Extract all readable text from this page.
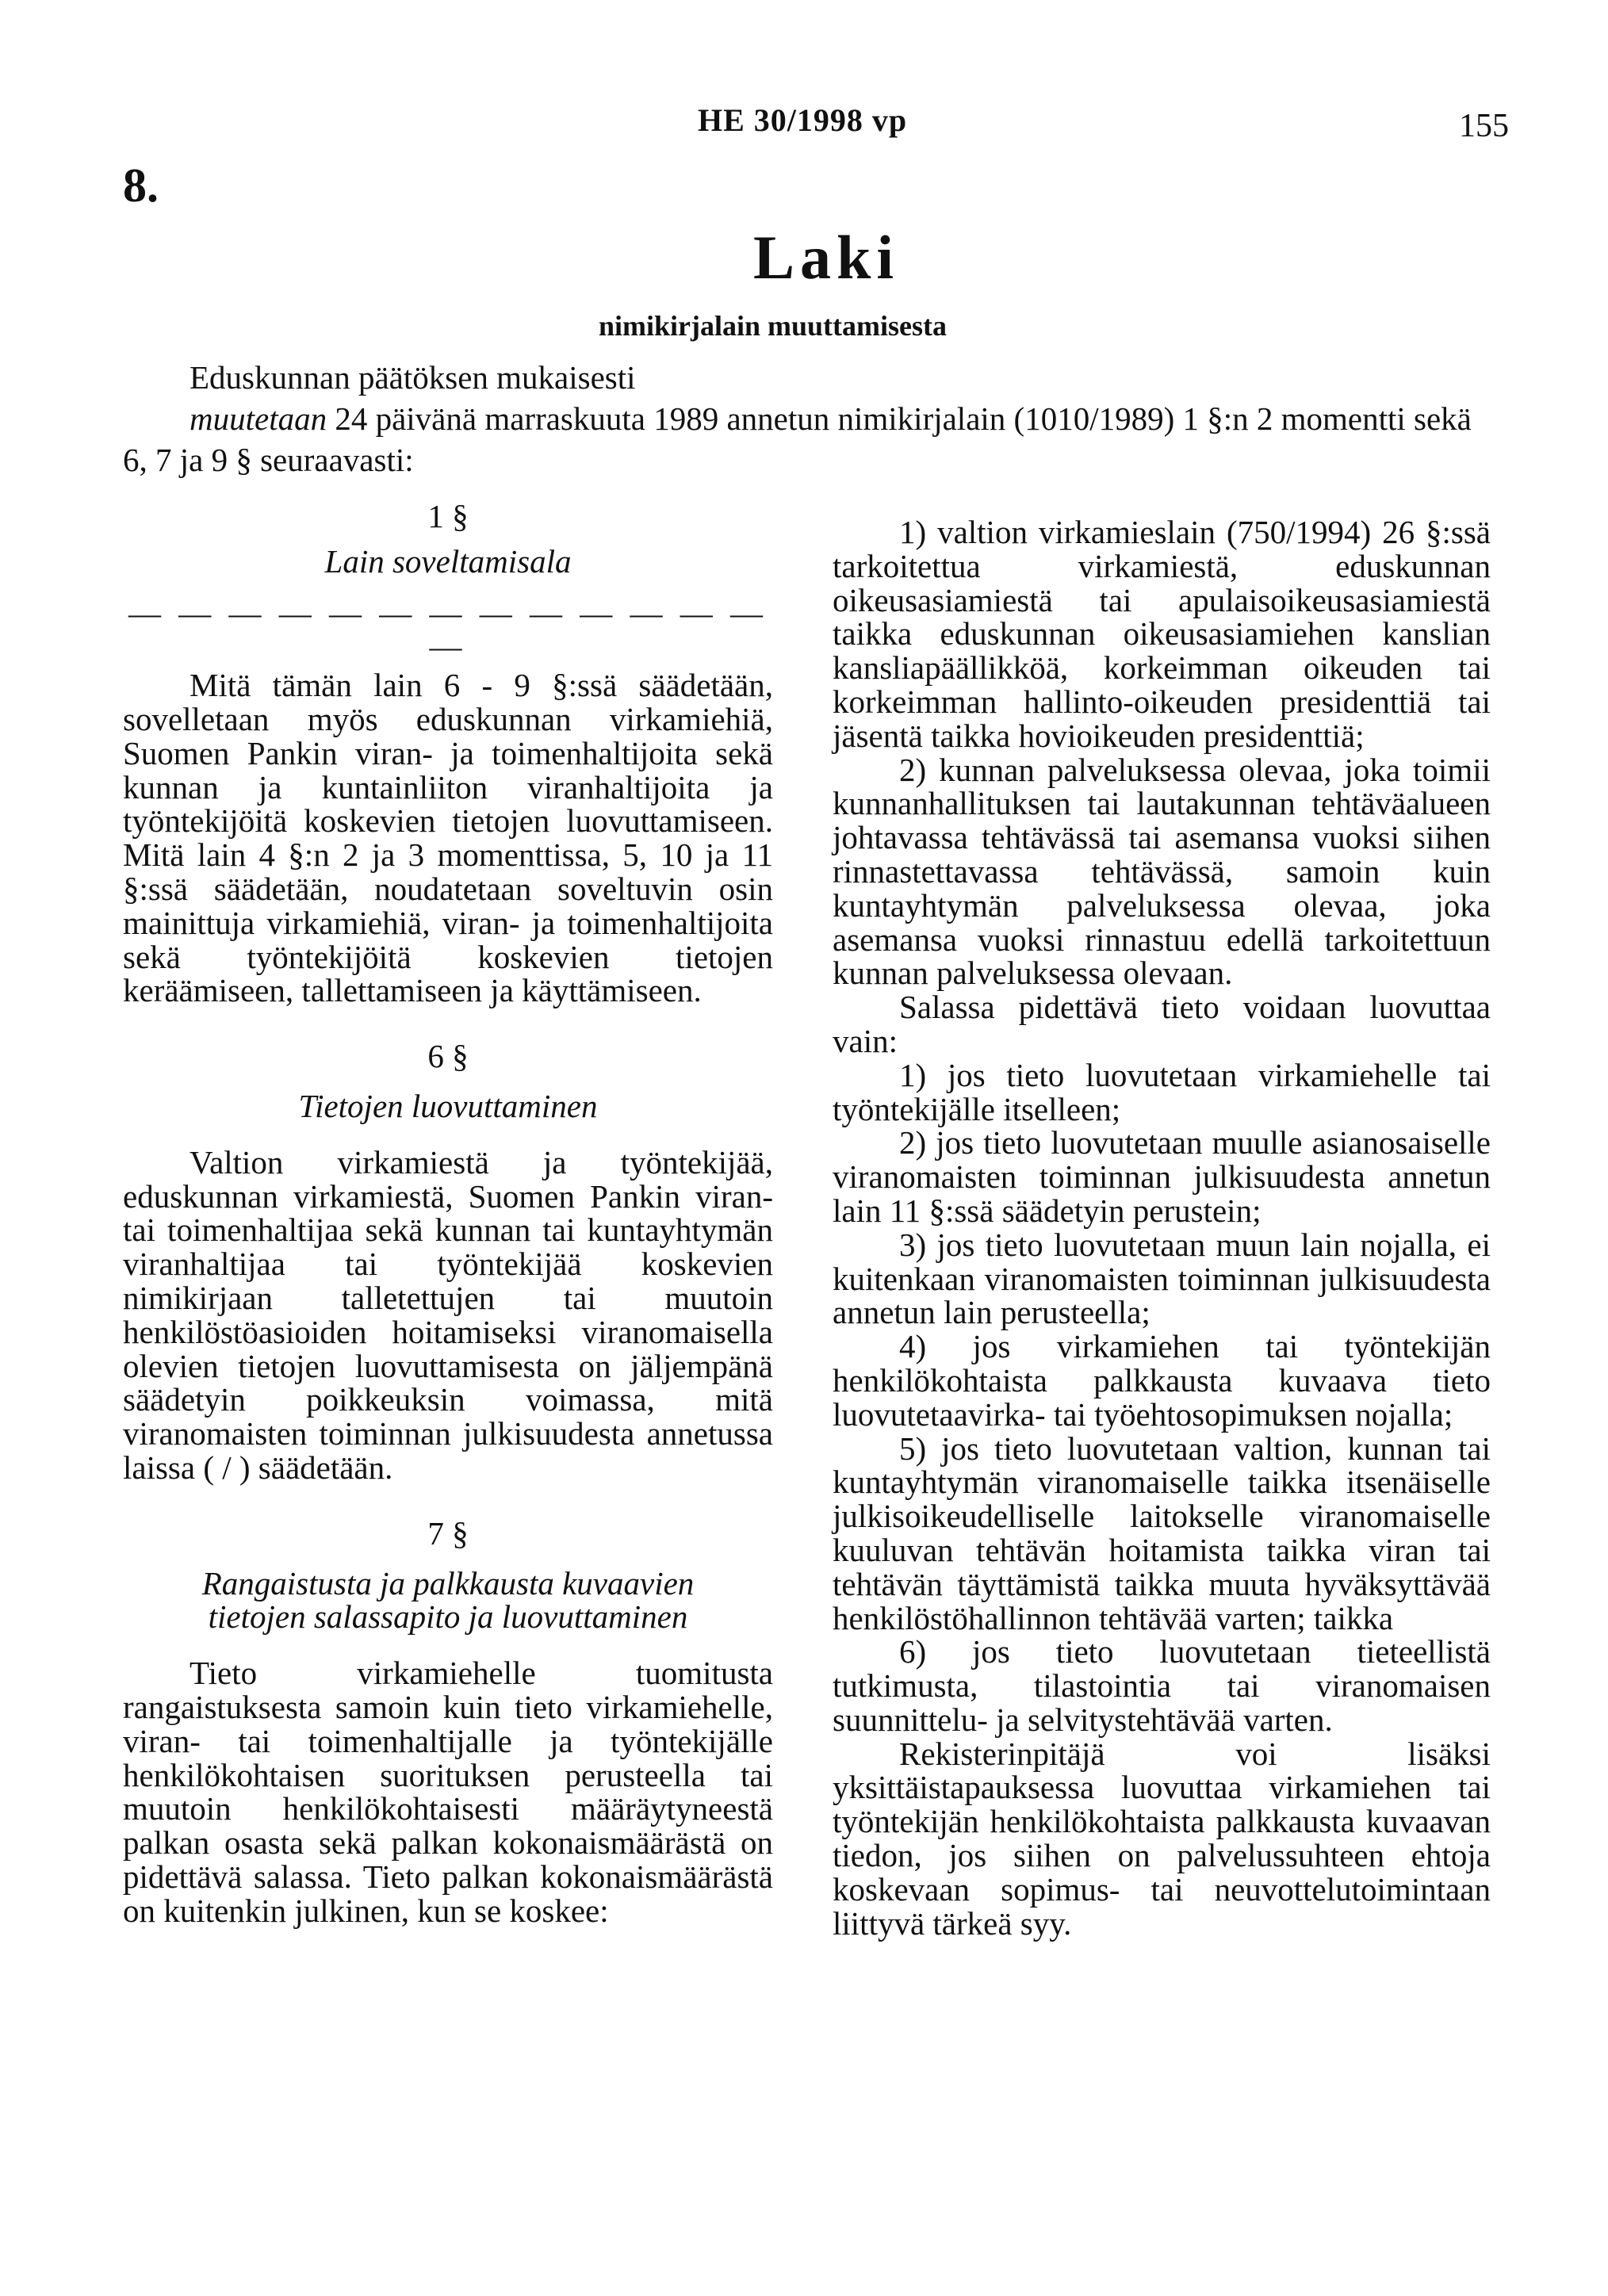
HE 30/1998 vp	155
8.
Laki
nimikirjalain muuttamisesta

Eduskunnan päätöksen mukaisesti

muutetaan 24 päivänä marraskuuta 1989 annetun nimikirjalain (1010/1989) 1 §:n 2 momentti sekä 6, 7 ja 9 § seuraavasti:

1 §

Lain soveltamisala

— — — — — — — — — — — — — —

Mitä tämän lain 6 - 9 §:ssä säädetään, sovelletaan myös eduskunnan virkamiehiä, Suomen Pankin viran- ja toimenhaltijoita sekä kunnan ja kuntainliiton viranhaltijoita ja työntekijöitä koskevien tietojen luovuttamiseen. Mitä lain 4 §:n 2 ja 3 momenttissa, 5, 10 ja 11 §:ssä säädetään, noudatetaan soveltuvin osin mainittuja virkamiehiä, viran- ja toimenhaltijoita sekä työntekijöitä koskevien tietojen keräämiseen, tallettamiseen ja käyttämiseen.

6 §

Tietojen luovuttaminen

Valtion virkamiestä ja työntekijää, eduskunnan virkamiestä, Suomen Pankin viran- tai toimenhaltijaa sekä kunnan tai kuntayhtymän viranhaltijaa tai työntekijää koskevien nimikirjaan talletettujen tai muutoin henkilöstöasioiden hoitamiseksi viranomaisella olevien tietojen luovuttamisesta on jäljempänä säädetyin poikkeuksin voimassa, mitä viranomaisten toiminnan julkisuudesta annetussa laissa ( / ) säädetään.

7 §

Rangaistusta ja palkkausta kuvaavien

tietojen salassapito ja luovuttaminen

Tieto virkamiehelle tuomitusta rangaistuksesta samoin kuin tieto virkamiehelle, viran- tai toimenhaltijalle ja työntekijälle henkilökohtaisen suorituksen perusteella tai muutoin henkilökohtaisesti määräytyneestä palkan osasta sekä palkan kokonaismäärästä on pidettävä salassa. Tieto palkan kokonaismäärästä on kuitenkin julkinen, kun se koskee:

1) valtion virkamieslain (750/1994) 26 §:ssä tarkoitettua virkamiestä, eduskunnan oikeusasiamiestä tai apulaisoikeusasiamiestä taikka eduskunnan oikeusasiamiehen kanslian kansliapäällikköä, korkeimman oikeuden tai korkeimman hallinto-oikeuden presidenttiä tai jäsentä taikka hovioikeuden presidenttiä;

2) kunnan palveluksessa olevaa, joka toimii kunnanhallituksen tai lautakunnan tehtäväalueen johtavassa tehtävässä tai asemansa vuoksi siihen rinnastettavassa tehtävässä, samoin kuin kuntayhtymän palveluksessa olevaa, joka asemansa vuoksi rinnastuu edellä tarkoitettuun kunnan palveluksessa olevaan.

Salassa pidettävä tieto voidaan luovuttaa vain:

1) jos tieto luovutetaan virkamiehelle tai työntekijälle itselleen;

2) jos tieto luovutetaan muulle asianosaiselle viranomaisten toiminnan julkisuudesta annetun lain 11 §:ssä säädetyin perustein;

3) jos tieto luovutetaan muun lain nojalla, ei kuitenkaan viranomaisten toiminnan julkisuudesta annetun lain perusteella;

4) jos virkamiehen tai työntekijän henkilökohtaista palkkausta kuvaava tieto luovutetaavirka- tai työehtosopimuksen nojalla;

5) jos tieto luovutetaan valtion, kunnan tai kuntayhtymän viranomaiselle taikka itsenäiselle julkisoikeudelliselle laitokselle viranomaiselle kuuluvan tehtävän hoitamista taikka viran tai tehtävän täyttämistä taikka muuta hyväksyttävää henkilöstöhallinnon tehtävää varten; taikka

6) jos tieto luovutetaan tieteellistä tutkimusta, tilastointia tai viranomaisen suunnittelu- ja selvitystehtävää varten.

Rekisterinpitäjä voi lisäksi yksittäistapauksessa luovuttaa virkamiehen tai työntekijän henkilökohtaista palkkausta kuvaavan tiedon, jos siihen on palvelussuhteen ehtoja koskevaan sopimus- tai neuvottelutoimintaan liittyvä tärkeä syy.
